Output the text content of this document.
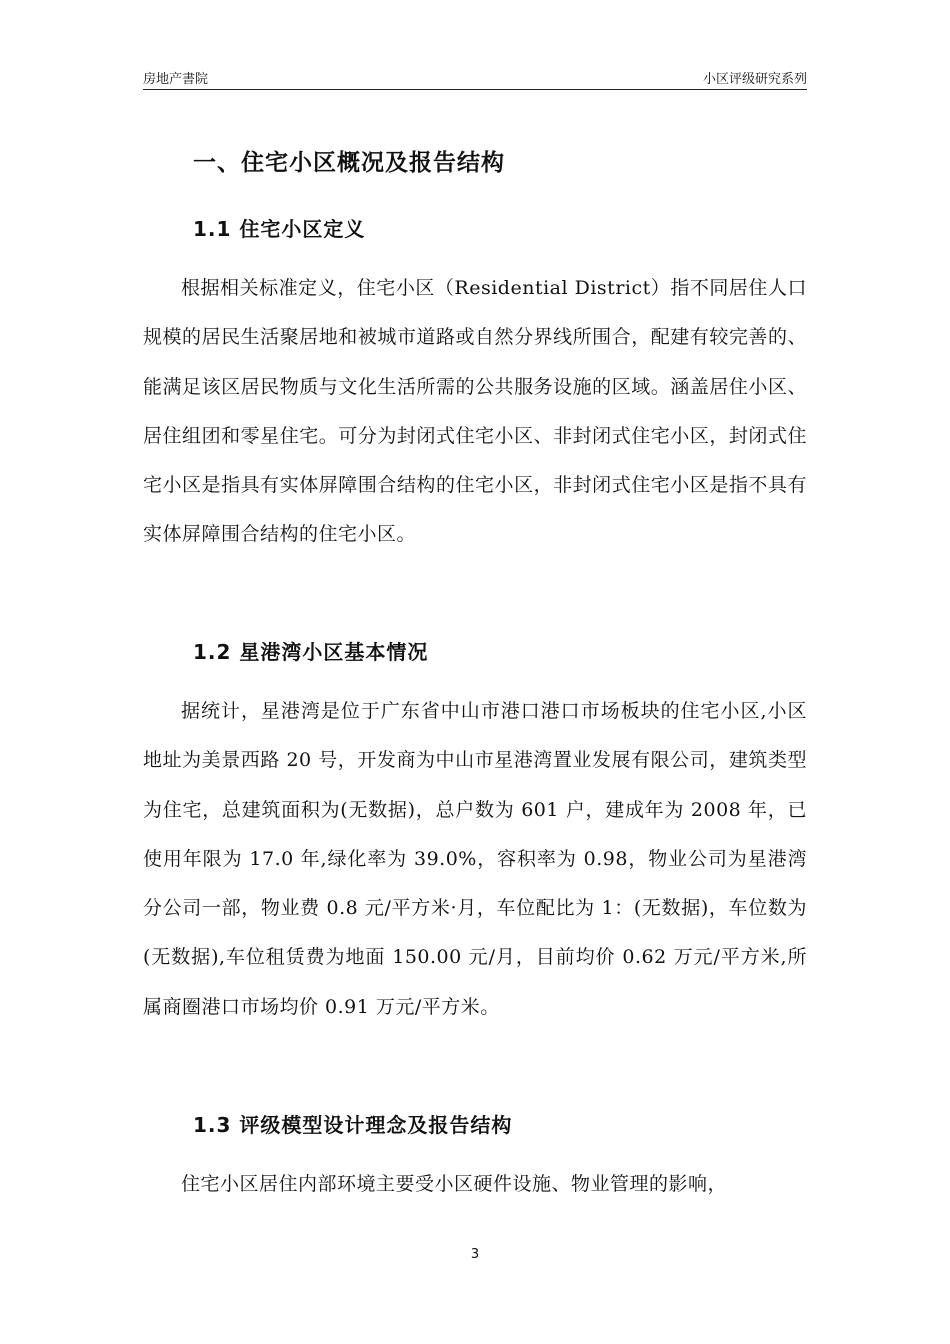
房地产書院	小区评级研究系列
一、住宅小区概况及报告结构
1.1 住宅小区定义
根据相关标准定义，住宅小区（Residential District）指不同居住人口规模的居民生活聚居地和被城市道路或自然分界线所围合，配建有较完善的、能满足该区居民物质与文化生活所需的公共服务设施的区域。涵盖居住小区、居住组团和零星住宅。可分为封闭式住宅小区、非封闭式住宅小区，封闭式住宅小区是指具有实体屏障围合结构的住宅小区，非封闭式住宅小区是指不具有实体屏障围合结构的住宅小区。
1.2 星港湾小区基本情况
据统计，星港湾是位于广东省中山市港口港口市场板块的住宅小区,小区地址为美景西路 20 号，开发商为中山市星港湾置业发展有限公司，建筑类型为住宅，总建筑面积为(无数据)，总户数为 601 户，建成年为 2008 年，已使用年限为 17.0 年,绿化率为 39.0%，容积率为 0.98，物业公司为星港湾分公司一部，物业费 0.8 元/平方米·月，车位配比为 1：(无数据)，车位数为(无数据),车位租赁费为地面 150.00 元/月，目前均价 0.62 万元/平方米,所属商圈港口市场均价 0.91 万元/平方米。
1.3 评级模型设计理念及报告结构
住宅小区居住内部环境主要受小区硬件设施、物业管理的影响，
3
